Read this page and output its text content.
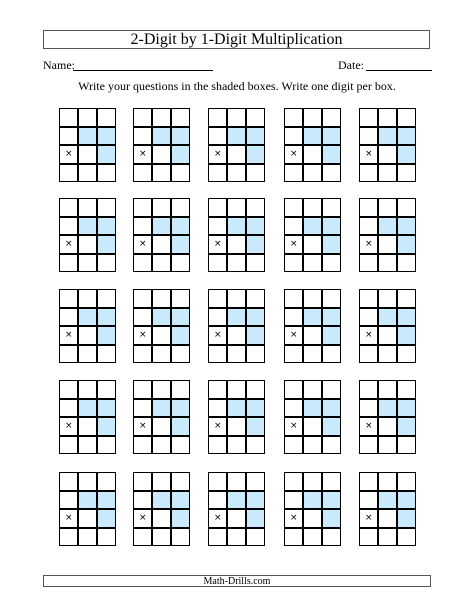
2-Digit by 1-Digit Multiplication
Name:	Date:
Write your questions in the shaded boxes. Write one digit per box.
×	×	×	×	×
×	×	×	×	×
×	×	×	×	×
×	×	×	×	×
×	×	×	×	×
Math-Drills.com
